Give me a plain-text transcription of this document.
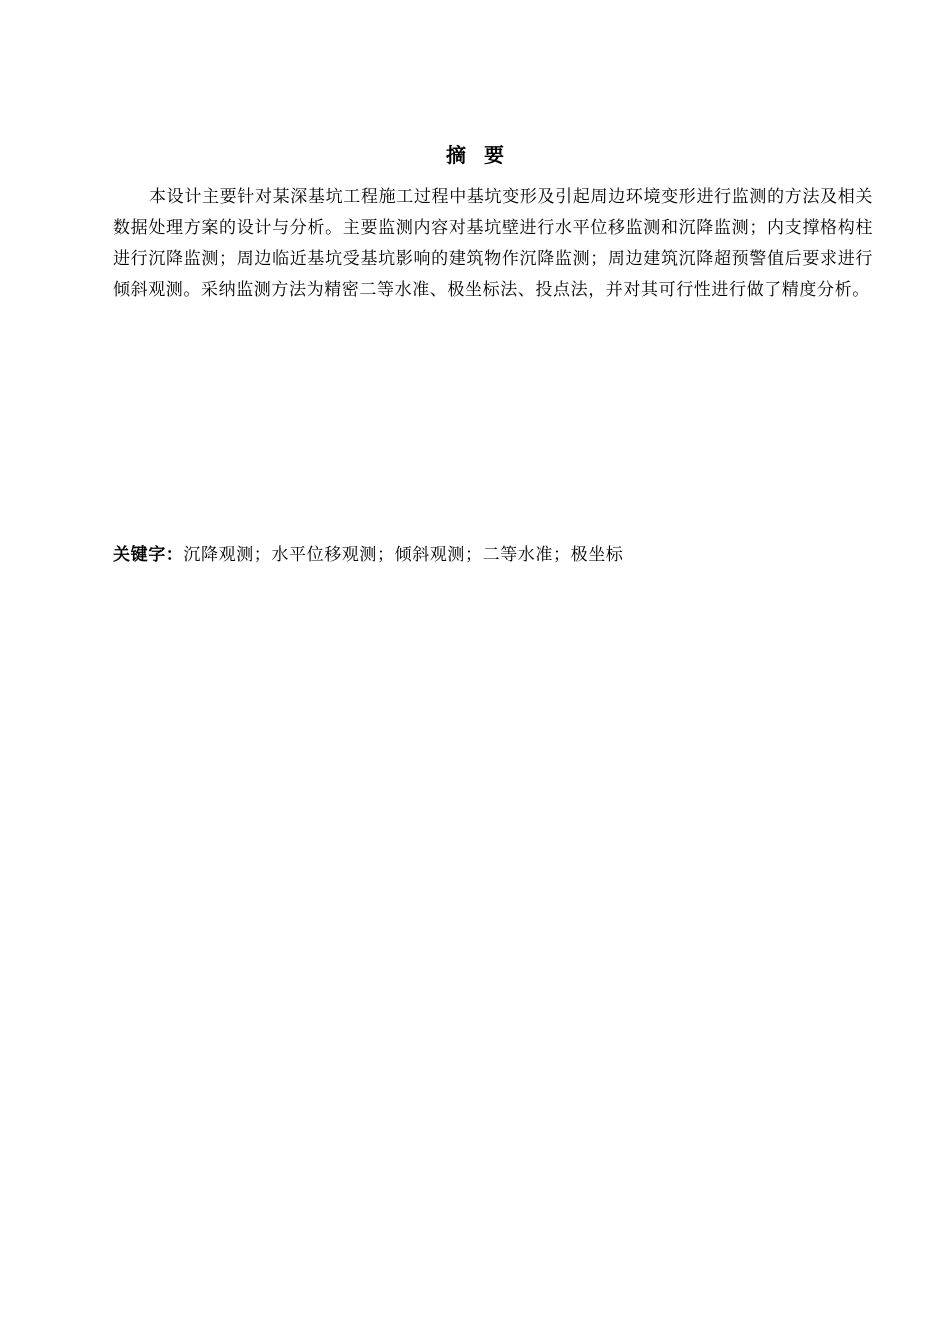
摘要

本设计主要针对某深基坑工程施工过程中基坑变形及引起周边环境变形进行监测的方法及相关数据处理方案的设计与分析。主要监测内容对基坑壁进行水平位移监测和沉降监测；内支撑格构柱进行沉降监测；周边临近基坑受基坑影响的建筑物作沉降监测；周边建筑沉降超预警值后要求进行倾斜观测。采纳监测方法为精密二等水准、极坐标法、投点法，并对其可行性进行做了精度分析。

关键字：沉降观测；水平位移观测；倾斜观测；二等水准；极坐标
